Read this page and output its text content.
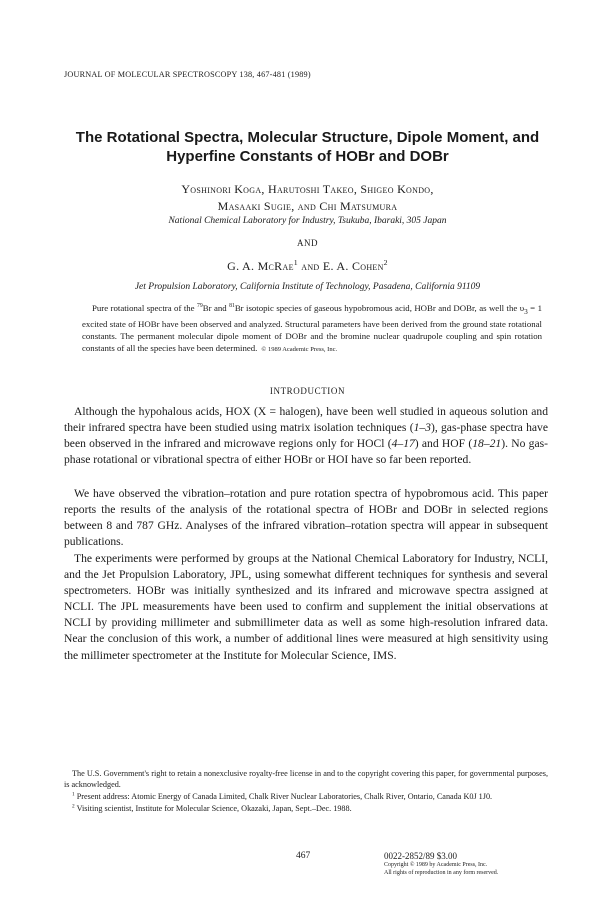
JOURNAL OF MOLECULAR SPECTROSCOPY 138, 467-481 (1989)
The Rotational Spectra, Molecular Structure, Dipole Moment, and
Hyperfine Constants of HOBr and DOBr
Yoshinori Koga, Harutoshi Takeo, Shigeo Kondo,
Masaaki Sugie, and Chi Matsumura
National Chemical Laboratory for Industry, Tsukuba, Ibaraki, 305 Japan
AND
G. A. McRae$^1$ and E. A. Cohen$^2$
Jet Propulsion Laboratory, California Institute of Technology, Pasadena, California 91109

Pure rotational spectra of the $^{79}$Br and $^{81}$Br isotopic species of gaseous hypobromous acid, HOBr and DOBr, as well the $\upsilon_3 = 1$ excited state of HOBr have been observed and analyzed. Structural parameters have been derived from the ground state rotational constants. The permanent molecular dipole moment of DOBr and the bromine nuclear quadrupole coupling and spin rotation constants of all the species have been determined. © 1989 Academic Press, Inc.

INTRODUCTION

Although the hypohalous acids, HOX (X = halogen), have been well studied in aqueous solution and their infrared spectra have been studied using matrix isolation techniques (1–3), gas-phase spectra have been observed in the infrared and microwave regions only for HOCl (4–17) and HOF (18–21). No gas-phase rotational or vibrational spectra of either HOBr or HOI have so far been reported.

We have observed the vibration–rotation and pure rotation spectra of hypobromous acid. This paper reports the results of the analysis of the rotational spectra of HOBr and DOBr in selected regions between 8 and 787 GHz. Analyses of the infrared vibration–rotation spectra will appear in subsequent publications.

The experiments were performed by groups at the National Chemical Laboratory for Industry, NCLI, and the Jet Propulsion Laboratory, JPL, using somewhat different techniques for synthesis and several spectrometers. HOBr was initially synthesized and its infrared and microwave spectra assigned at NCLI. The JPL measurements have been used to confirm and supplement the initial observations at NCLI by providing millimeter and submillimeter data as well as some high-resolution infrared data. Near the conclusion of this work, a number of additional lines were measured at high sensitivity using the millimeter spectrometer at the Institute for Molecular Science, IMS.

The U.S. Government's right to retain a nonexclusive royalty-free license in and to the copyright covering this paper, for governmental purposes, is acknowledged.

$^1$ Present address: Atomic Energy of Canada Limited, Chalk River Nuclear Laboratories, Chalk River, Ontario, Canada K0J 1J0.

$^2$ Visiting scientist, Institute for Molecular Science, Okazaki, Japan, Sept.–Dec. 1988.

467	0022-2852/89 $3.00

Copyright © 1989 by Academic Press, Inc.
All rights of reproduction in any form reserved.
